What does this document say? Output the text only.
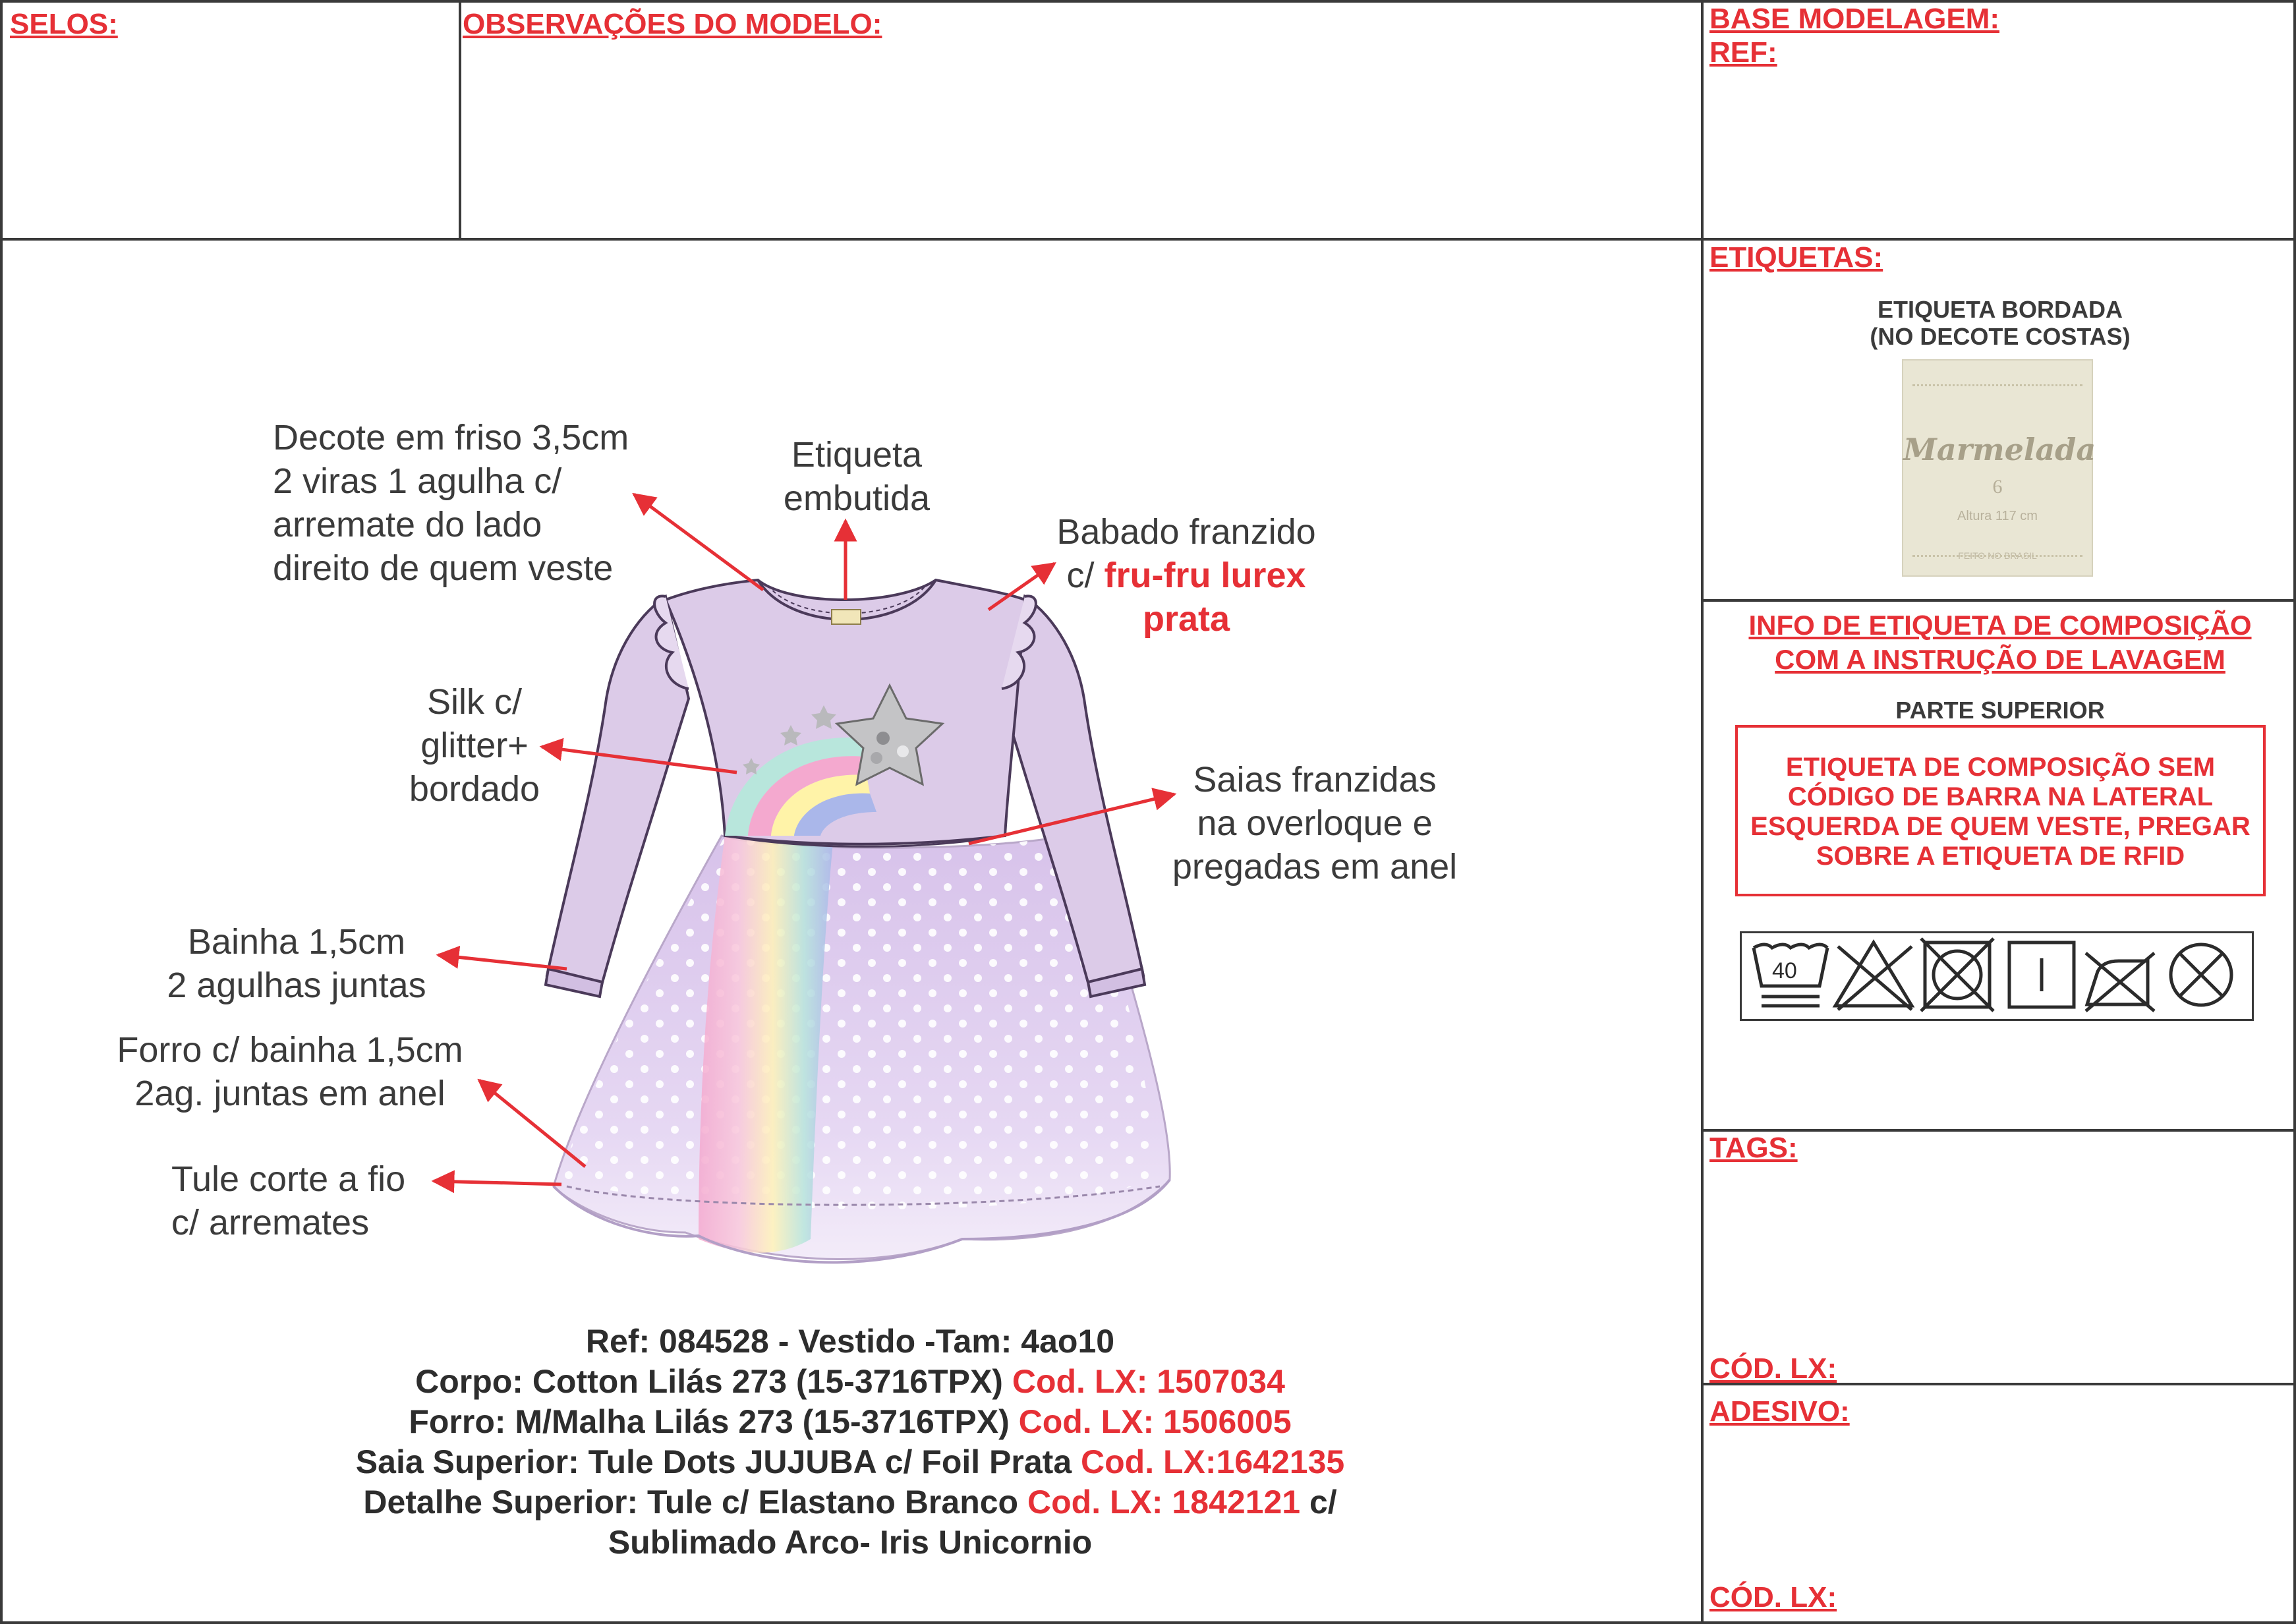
SELOS:	OBSERVAÇÕES DO MODELO:	BASE MODELAGEM:
REF:
ETIQUETAS:
ETIQUETA BORDADA
(NO DECOTE COSTAS)
Marmelada
6
Altura 117 cm
FEITO NO BRASIL
INFO DE ETIQUETA DE COMPOSIÇÃO
COM A INSTRUÇÃO DE LAVAGEM
PARTE SUPERIOR
ETIQUETA DE COMPOSIÇÃO SEM
CÓDIGO DE BARRA NA LATERAL
ESQUERDA DE QUEM VESTE, PREGAR
SOBRE A ETIQUETA DE RFID
40
TAGS:
CÓD. LX:
ADESIVO:
CÓD. LX:
Decote em friso 3,5cm
2 viras 1 agulha c/
arremate do lado
direito de quem veste
Etiqueta
embutida
Babado franzido
c/ fru-fru lurex
prata
Silk c/
glitter+
bordado	Saias franzidas
na overloque e
pregadas em anel
Bainha 1,5cm
2 agulhas juntas
Forro c/ bainha 1,5cm
2ag. juntas em anel
Tule corte a fio
c/ arremates
Ref: 084528 - Vestido -Tam: 4ao10
Corpo: Cotton Lilás 273 (15-3716TPX) Cod. LX: 1507034
Forro: M/Malha Lilás 273 (15-3716TPX) Cod. LX: 1506005
Saia Superior: Tule Dots JUJUBA c/ Foil Prata Cod. LX:1642135
Detalhe Superior: Tule c/ Elastano Branco Cod. LX: 1842121 c/
Sublimado Arco- Iris Unicornio
